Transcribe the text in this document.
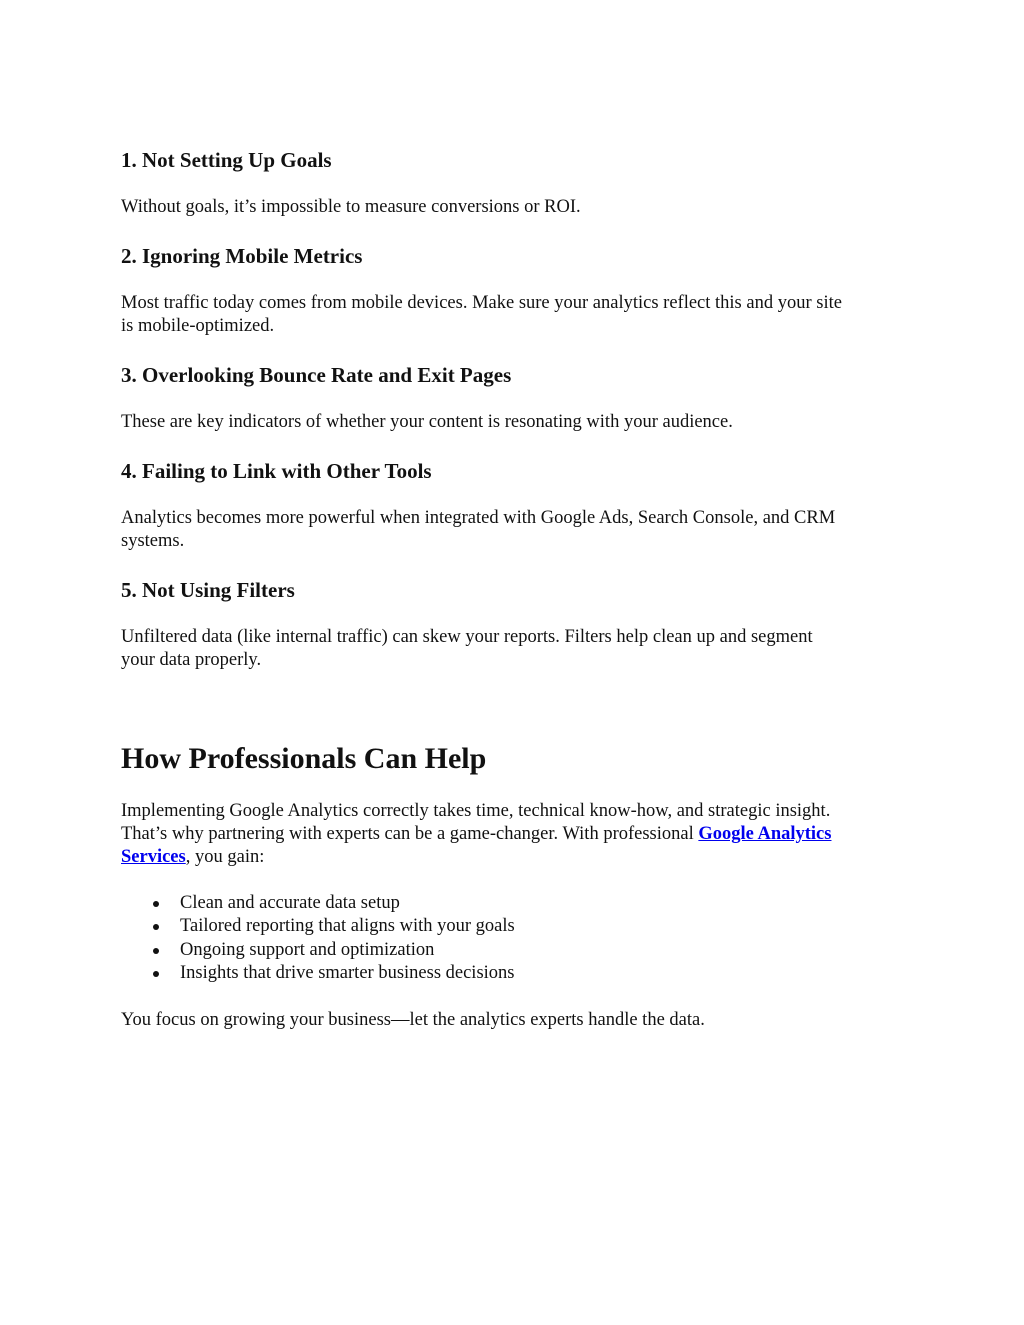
1. Not Setting Up Goals

Without goals, it’s impossible to measure conversions or ROI.

2. Ignoring Mobile Metrics

Most traffic today comes from mobile devices. Make sure your analytics reflect this and your site
is mobile-optimized.

3. Overlooking Bounce Rate and Exit Pages

These are key indicators of whether your content is resonating with your audience.

4. Failing to Link with Other Tools

Analytics becomes more powerful when integrated with Google Ads, Search Console, and CRM
systems.

5. Not Using Filters

Unfiltered data (like internal traffic) can skew your reports. Filters help clean up and segment
your data properly.

How Professionals Can Help

Implementing Google Analytics correctly takes time, technical know-how, and strategic insight.
That’s why partnering with experts can be a game-changer. With professional Google Analytics
Services, you gain:

Clean and accurate data setup
Tailored reporting that aligns with your goals
Ongoing support and optimization
Insights that drive smarter business decisions

You focus on growing your business—let the analytics experts handle the data.
